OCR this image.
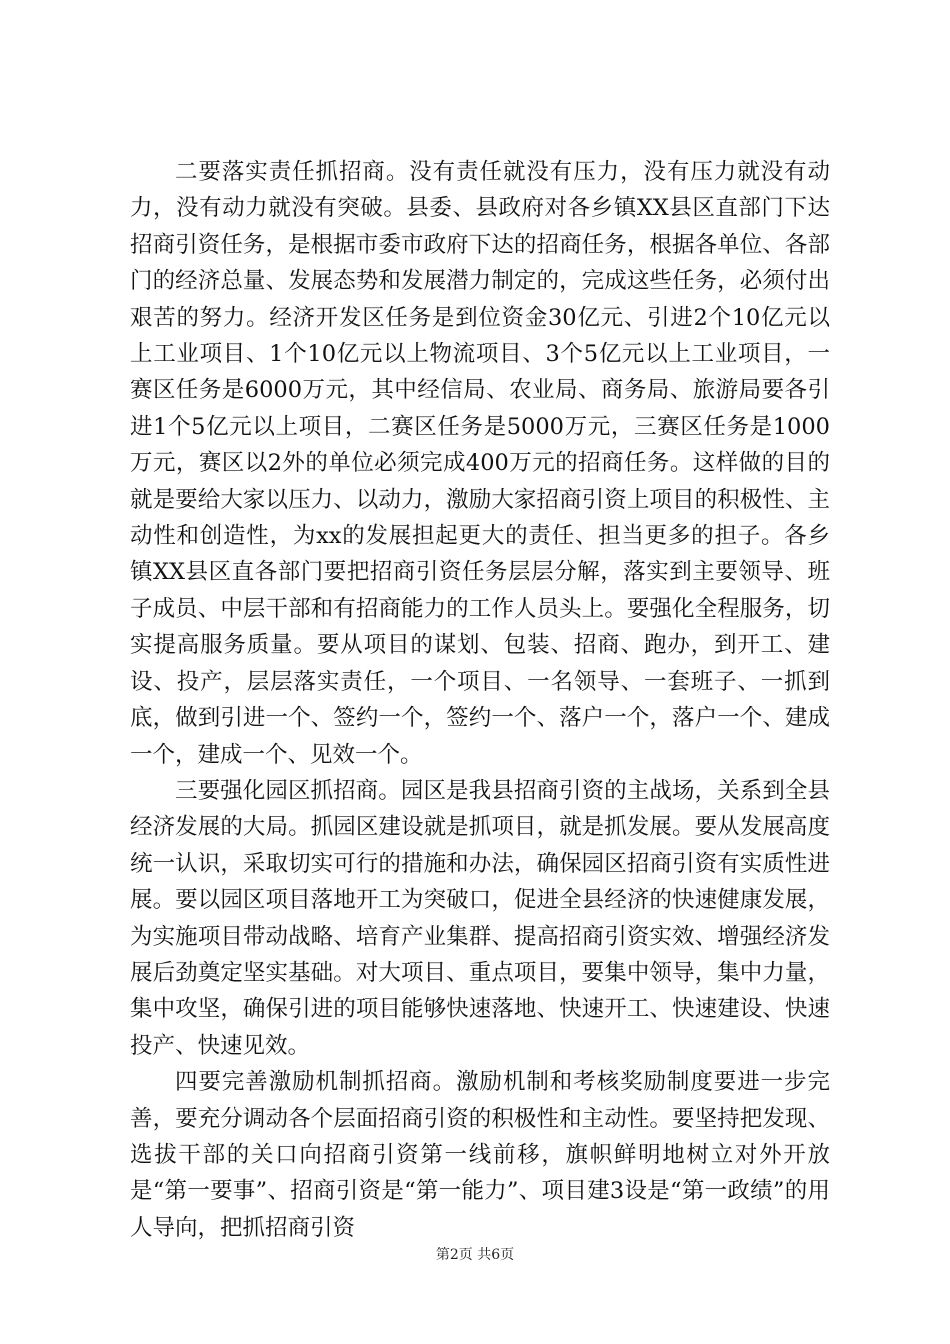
二要落实责任抓招商。没有责任就没有压力，没有压力就没有动力，没有动力就没有突破。县委、县政府对各乡镇XX县区直部门下达招商引资任务，是根据市委市政府下达的招商任务，根据各单位、各部门的经济总量、发展态势和发展潜力制定的，完成这些任务，必须付出艰苦的努力。经济开发区任务是到位资金30亿元、引进2个10亿元以上工业项目、1个10亿元以上物流项目、3个5亿元以上工业项目，一赛区任务是6000万元，其中经信局、农业局、商务局、旅游局要各引进1个5亿元以上项目，二赛区任务是5000万元，三赛区任务是1000万元，赛区以2外的单位必须完成400万元的招商任务。这样做的目的就是要给大家以压力、以动力，激励大家招商引资上项目的积极性、主动性和创造性，为xx的发展担起更大的责任、担当更多的担子。各乡镇XX县区直各部门要把招商引资任务层层分解，落实到主要领导、班子成员、中层干部和有招商能力的工作人员头上。要强化全程服务，切实提高服务质量。要从项目的谋划、包装、招商、跑办，到开工、建设、投产，层层落实责任，一个项目、一名领导、一套班子、一抓到底，做到引进一个、签约一个，签约一个、落户一个，落户一个、建成一个，建成一个、见效一个。

三要强化园区抓招商。园区是我县招商引资的主战场，关系到全县经济发展的大局。抓园区建设就是抓项目，就是抓发展。要从发展高度统一认识，采取切实可行的措施和办法，确保园区招商引资有实质性进展。要以园区项目落地开工为突破口，促进全县经济的快速健康发展，为实施项目带动战略、培育产业集群、提高招商引资实效、增强经济发展后劲奠定坚实基础。对大项目、重点项目，要集中领导，集中力量，集中攻坚，确保引进的项目能够快速落地、快速开工、快速建设、快速投产、快速见效。

四要完善激励机制抓招商。激励机制和考核奖励制度要进一步完善，要充分调动各个层面招商引资的积极性和主动性。要坚持把发现、选拔干部的关口向招商引资第一线前移，旗帜鲜明地树立对外开放是“第一要事”、招商引资是“第一能力”、项目建3设是“第一政绩”的用人导向，把抓招商引资

第2页 共6页
